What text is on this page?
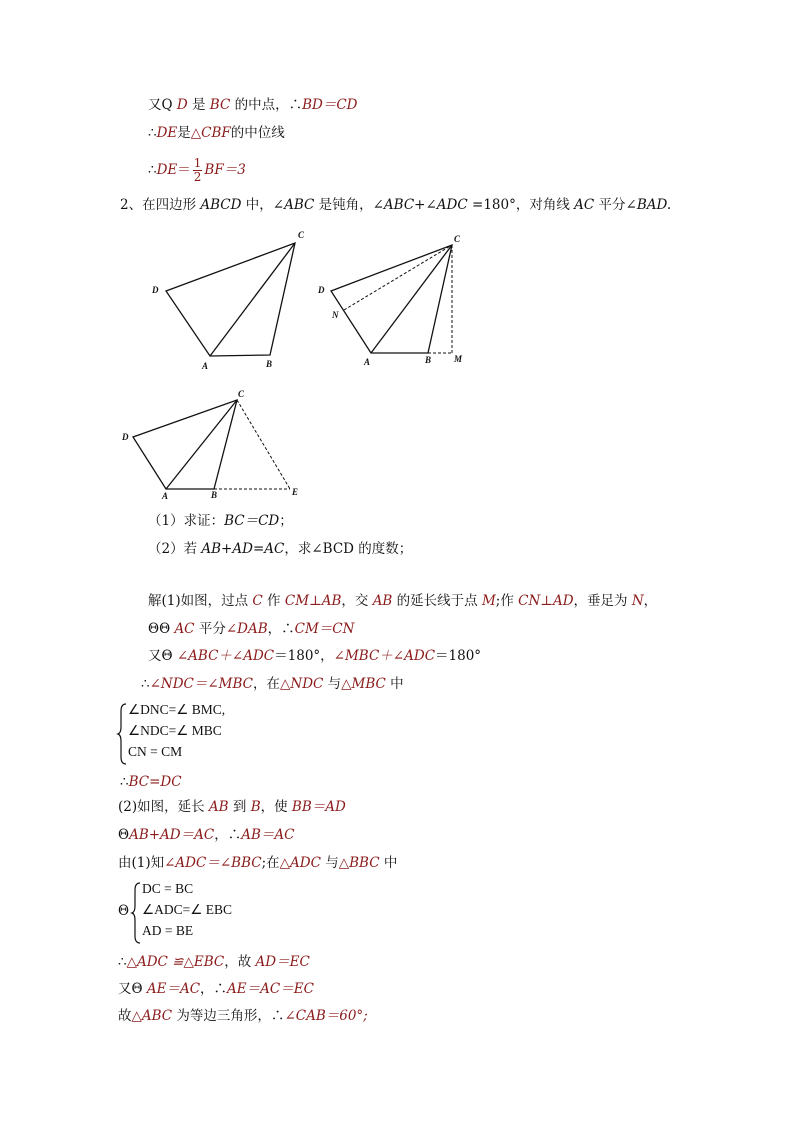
又Q D 是 BC 的中点，∴BD＝CD
∴DE是△CBF的中位线
∴DE＝ $\frac{1}{2} BF=3$
2、在四边形 ABCD 中，∠ABC 是钝角，∠ABC+∠ADC =180°，对角线 AC 平分∠BAD.
D
C
A	B
D
C
N
A	B	M
D
C
A	B	E
（1）求证：BC＝CD；
（2）若 AB+AD=AC，求∠BCD 的度数；
解(1)如图，过点 C 作 CM⊥AB，交 AB 的延长线于点 M;作 CN⊥AD，垂足为 N，
ΘΘ AC 平分∠DAB，∴CM＝CN
又Θ ∠ABC＋∠ADC＝180°，∠MBC＋∠ADC＝180°
∴∠NDC＝∠MBC，在△NDC 与△MBC 中
∠DNC=∠ BMC,
∠NDC=∠ MBC
CN = CM
∴BC=DC
(2)如图，延长 AB 到 B，使 BB＝AD
ΘAB+AD＝AC，∴AB＝AC
由(1)知∠ADC＝∠BBC;在△ADC 与△BBC 中
Θ
DC = BC
∠ADC=∠ EBC
AD = BE
∴△ADC ≌△EBC，故 AD＝EC
又Θ AE＝AC，∴AE＝AC＝EC
故△ABC 为等边三角形，∴∠CAB＝60°;
